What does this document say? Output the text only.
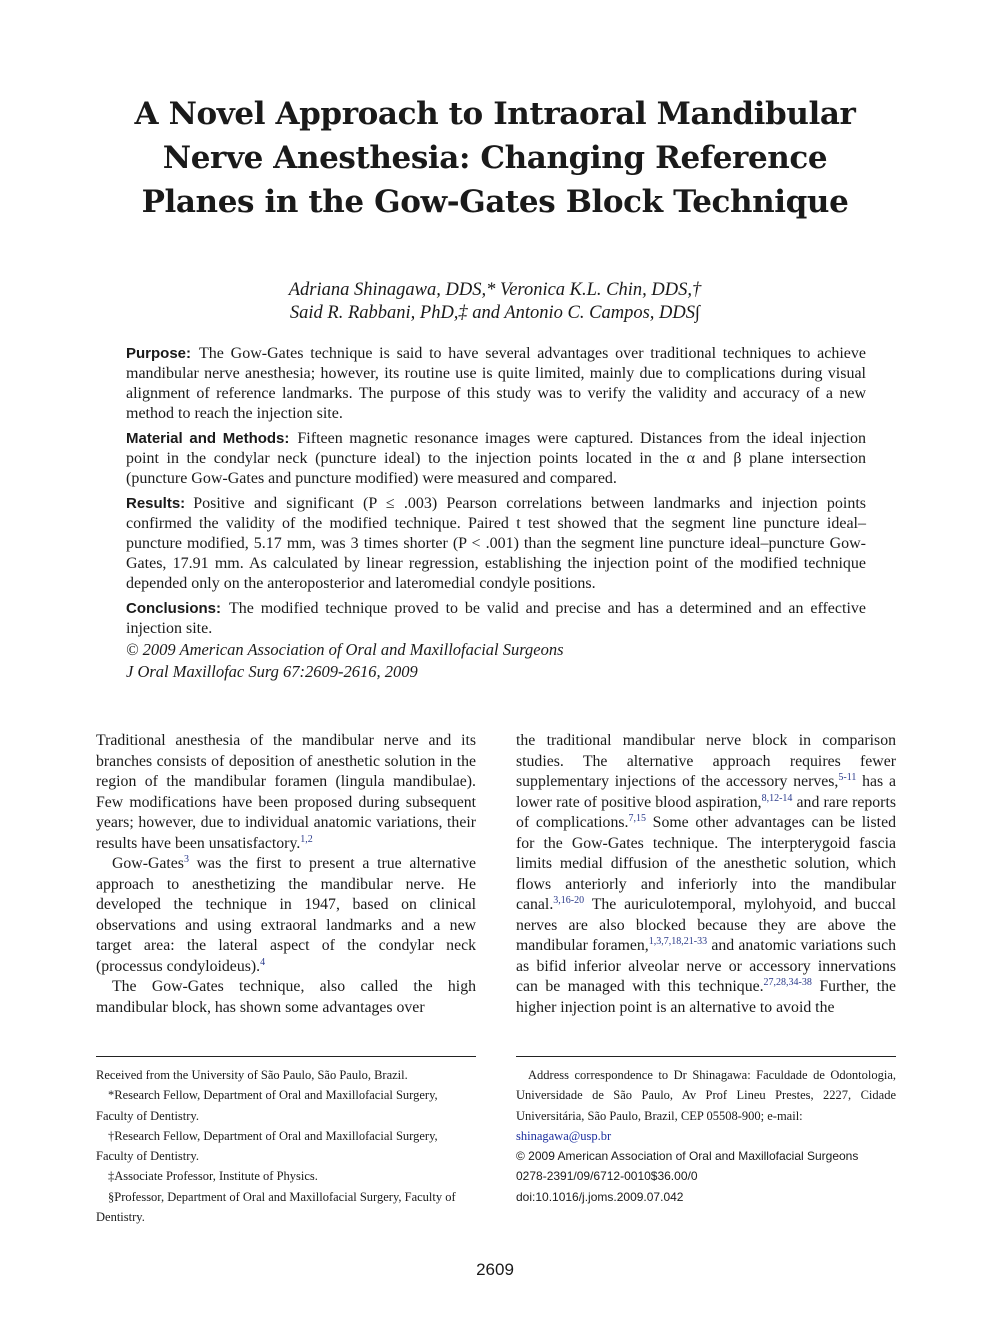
A Novel Approach to Intraoral Mandibular Nerve Anesthesia: Changing Reference Planes in the Gow-Gates Block Technique
Adriana Shinagawa, DDS,* Veronica K.L. Chin, DDS,†
Said R. Rabbani, PhD,‡ and Antonio C. Campos, DDS∫

Purpose: The Gow-Gates technique is said to have several advantages over traditional techniques to achieve mandibular nerve anesthesia; however, its routine use is quite limited, mainly due to complications during visual alignment of reference landmarks. The purpose of this study was to verify the validity and accuracy of a new method to reach the injection site.

Material and Methods: Fifteen magnetic resonance images were captured. Distances from the ideal injection point in the condylar neck (puncture ideal) to the injection points located in the α and β plane intersection (puncture Gow-Gates and puncture modified) were measured and compared.

Results: Positive and significant (P ≤ .003) Pearson correlations between landmarks and injection points confirmed the validity of the modified technique. Paired t test showed that the segment line puncture ideal–puncture modified, 5.17 mm, was 3 times shorter (P < .001) than the segment line puncture ideal–puncture Gow-Gates, 17.91 mm. As calculated by linear regression, establishing the injection point of the modified technique depended only on the anteroposterior and lateromedial condyle positions.

Conclusions: The modified technique proved to be valid and precise and has a determined and an effective injection site.

© 2009 American Association of Oral and Maxillofacial Surgeons

J Oral Maxillofac Surg 67:2609-2616, 2009

Traditional anesthesia of the mandibular nerve and its branches consists of deposition of anesthetic solution in the region of the mandibular foramen (lingula mandibulae). Few modifications have been proposed during subsequent years; however, due to individual anatomic variations, their results have been unsatisfactory.$^{1,2}$

Gow-Gates$^3$ was the first to present a true alternative approach to anesthetizing the mandibular nerve. He developed the technique in 1947, based on clinical observations and using extraoral landmarks and a new target area: the lateral aspect of the condylar neck (processus condyloideus).$^4$

The Gow-Gates technique, also called the high mandibular block, has shown some advantages over

the traditional mandibular nerve block in comparison studies. The alternative approach requires fewer supplementary injections of the accessory nerves,$^{5-11}$ has a lower rate of positive blood aspiration,$^{8,12-14}$ and rare reports of complications.$^{7,15}$ Some other advantages can be listed for the Gow-Gates technique. The interpterygoid fascia limits medial diffusion of the anesthetic solution, which flows anteriorly and inferiorly into the mandibular canal.$^{3,16-20}$ The auriculotemporal, mylohyoid, and buccal nerves are also blocked because they are above the mandibular foramen,$^{1,3,7,18,21-33}$ and anatomic variations such as bifid inferior alveolar nerve or accessory innervations can be managed with this technique.$^{27,28,34-38}$ Further, the higher injection point is an alternative to avoid the

Received from the University of São Paulo, São Paulo, Brazil.

*Research Fellow, Department of Oral and Maxillofacial Surgery, Faculty of Dentistry.

†Research Fellow, Department of Oral and Maxillofacial Surgery, Faculty of Dentistry.

‡Associate Professor, Institute of Physics.

§Professor, Department of Oral and Maxillofacial Surgery, Faculty of Dentistry.

Address correspondence to Dr Shinagawa: Faculdade de Odontologia, Universidade de São Paulo, Av Prof Lineu Prestes, 2227, Cidade Universitária, São Paulo, Brazil, CEP 05508-900; e-mail:

shinagawa@usp.br

© 2009 American Association of Oral and Maxillofacial Surgeons

0278-2391/09/6712-0010$36.00/0

doi:10.1016/j.joms.2009.07.042

2609
